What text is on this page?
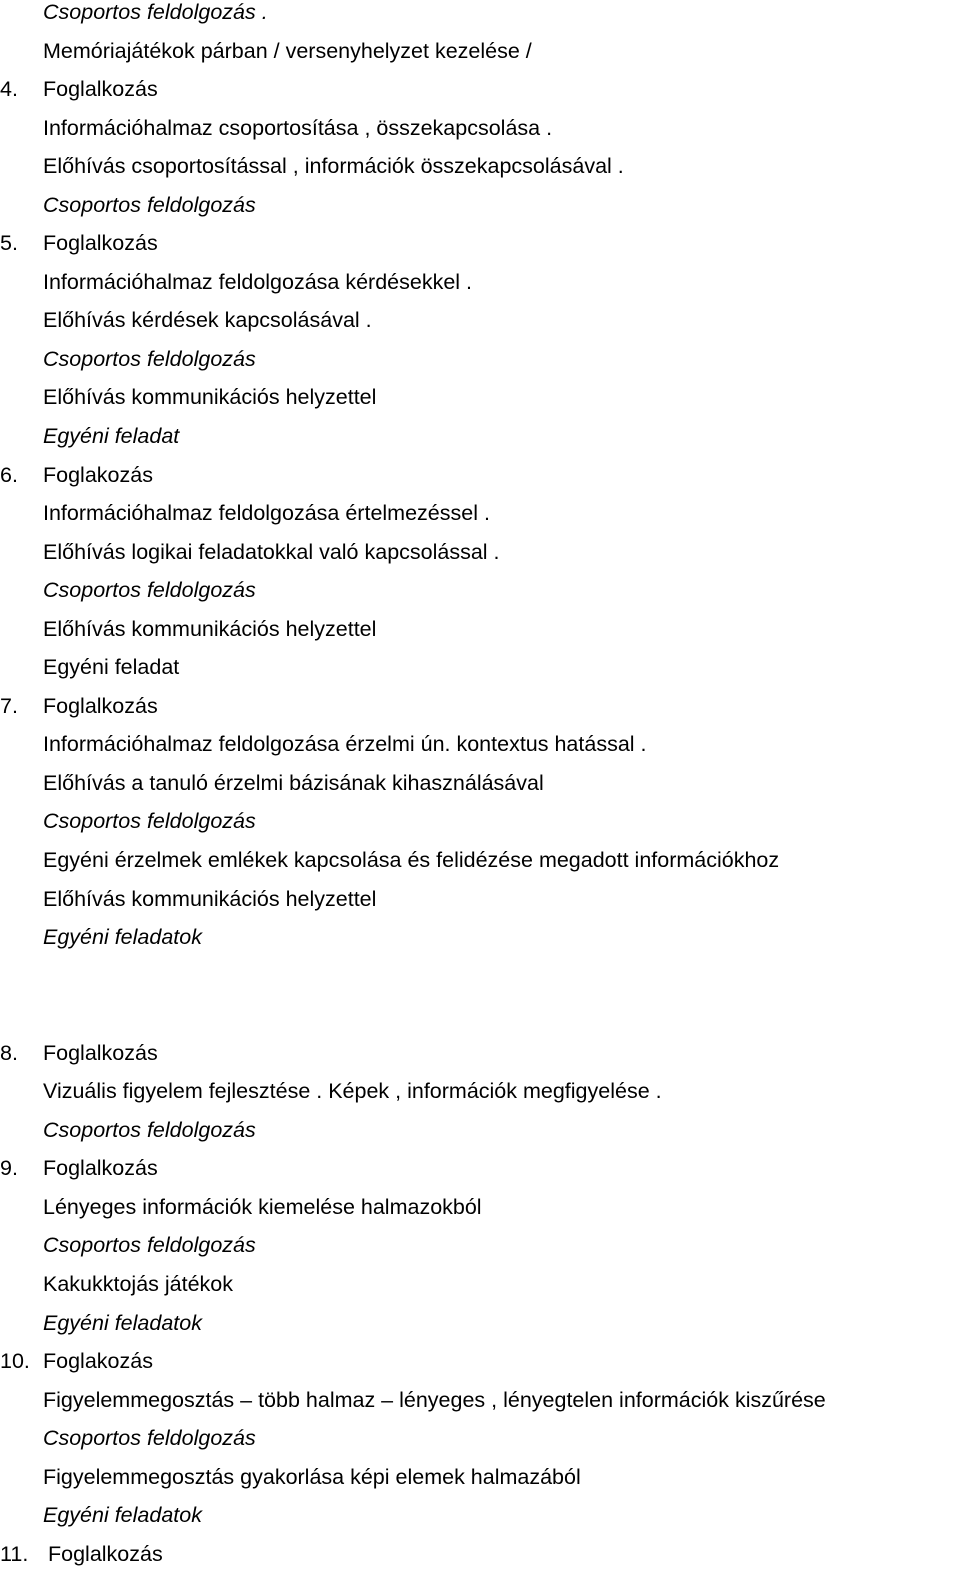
Csoportos feldolgozás .
Memóriajátékok párban / versenyhelyzet kezelése /
4. Foglalkozás
Információhalmaz csoportosítása , összekapcsolása .
Előhívás csoportosítással , információk összekapcsolásával .
Csoportos feldolgozás
5. Foglalkozás
Információhalmaz feldolgozása kérdésekkel .
Előhívás kérdések kapcsolásával .
Csoportos feldolgozás
Előhívás kommunikációs helyzettel
Egyéni feladat
6. Foglakozás
Információhalmaz feldolgozása értelmezéssel .
Előhívás logikai feladatokkal való kapcsolással .
Csoportos feldolgozás
Előhívás kommunikációs helyzettel
Egyéni feladat
7. Foglalkozás
Információhalmaz feldolgozása érzelmi ún. kontextus hatással .
Előhívás a tanuló érzelmi bázisának kihasználásával
Csoportos feldolgozás
Egyéni érzelmek emlékek kapcsolása és felidézése megadott információkhoz
Előhívás kommunikációs helyzettel
Egyéni feladatok
8. Foglalkozás
Vizuális figyelem fejlesztése . Képek , információk megfigyelése .
Csoportos feldolgozás
9. Foglalkozás
Lényeges információk kiemelése halmazokból
Csoportos feldolgozás
Kakukktojás játékok
Egyéni feladatok
10. Foglakozás
Figyelemmegosztás – több halmaz – lényeges , lényegtelen információk kiszűrése
Csoportos feldolgozás
Figyelemmegosztás gyakorlása képi elemek halmazából
Egyéni feladatok
11. Foglalkozás
